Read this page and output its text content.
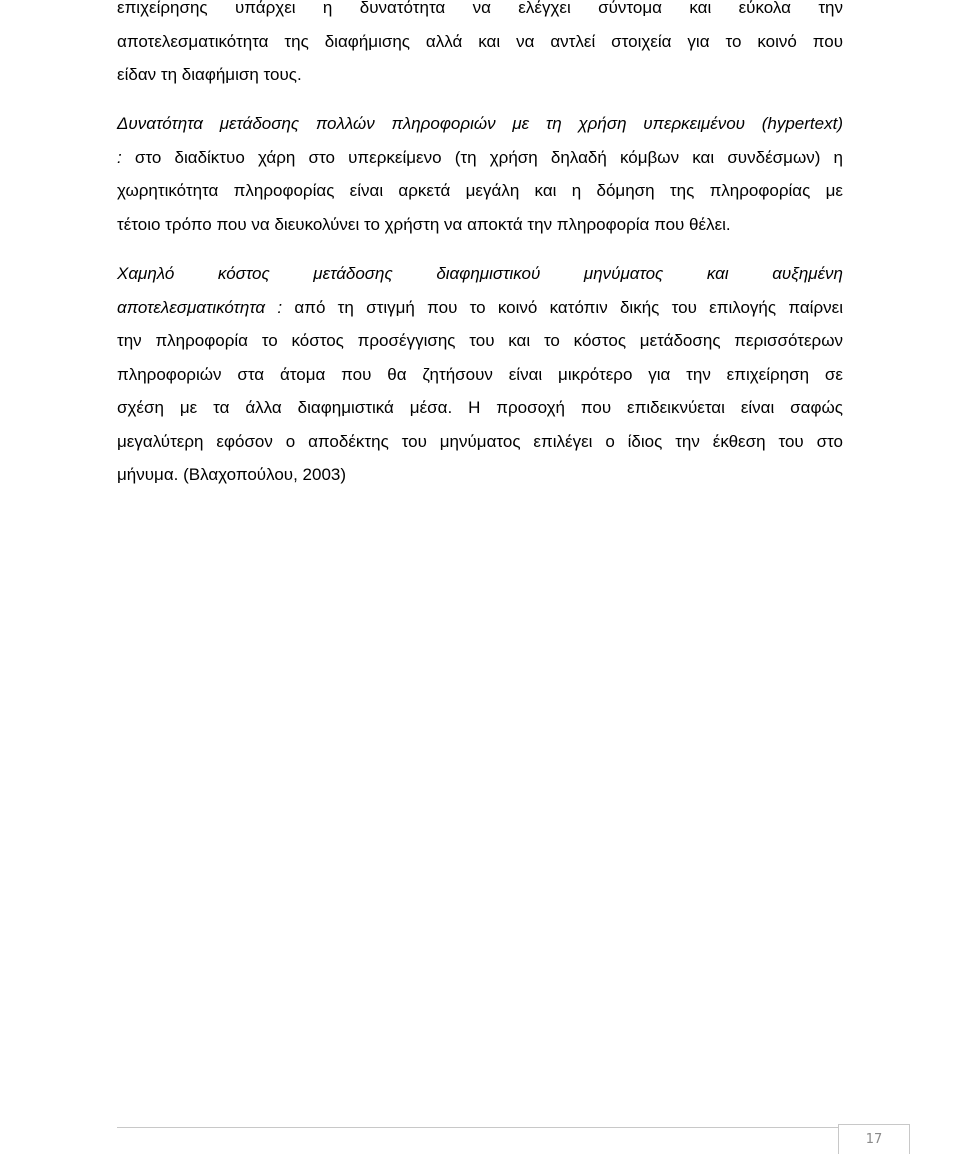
επιχείρησης υπάρχει η δυνατότητα να ελέγχει σύντομα και εύκολα την
αποτελεσματικότητα της διαφήμισης αλλά και να αντλεί στοιχεία για το κοινό που
είδαν τη διαφήμιση τους.
Δυνατότητα μετάδοσης πολλών πληροφοριών με τη χρήση υπερκειμένου (hypertext)
: στο διαδίκτυο χάρη στο υπερκείμενο (τη χρήση δηλαδή κόμβων και συνδέσμων) η
χωρητικότητα πληροφορίας είναι αρκετά μεγάλη και η δόμηση της πληροφορίας με
τέτοιο τρόπο που να διευκολύνει το χρήστη να αποκτά την πληροφορία που θέλει.
Χαμηλό κόστος μετάδοσης διαφημιστικού μηνύματος και αυξημένη
αποτελεσματικότητα : από τη στιγμή που το κοινό κατόπιν δικής του επιλογής παίρνει
την πληροφορία το κόστος προσέγγισης του και το κόστος μετάδοσης περισσότερων
πληροφοριών στα άτομα που θα ζητήσουν είναι μικρότερο για την επιχείρηση σε
σχέση με τα άλλα διαφημιστικά μέσα. Η προσοχή που επιδεικνύεται είναι σαφώς
μεγαλύτερη εφόσον ο αποδέκτης του μηνύματος επιλέγει ο ίδιος την έκθεση του στο
μήνυμα. (Βλαχοπούλου, 2003)
17
